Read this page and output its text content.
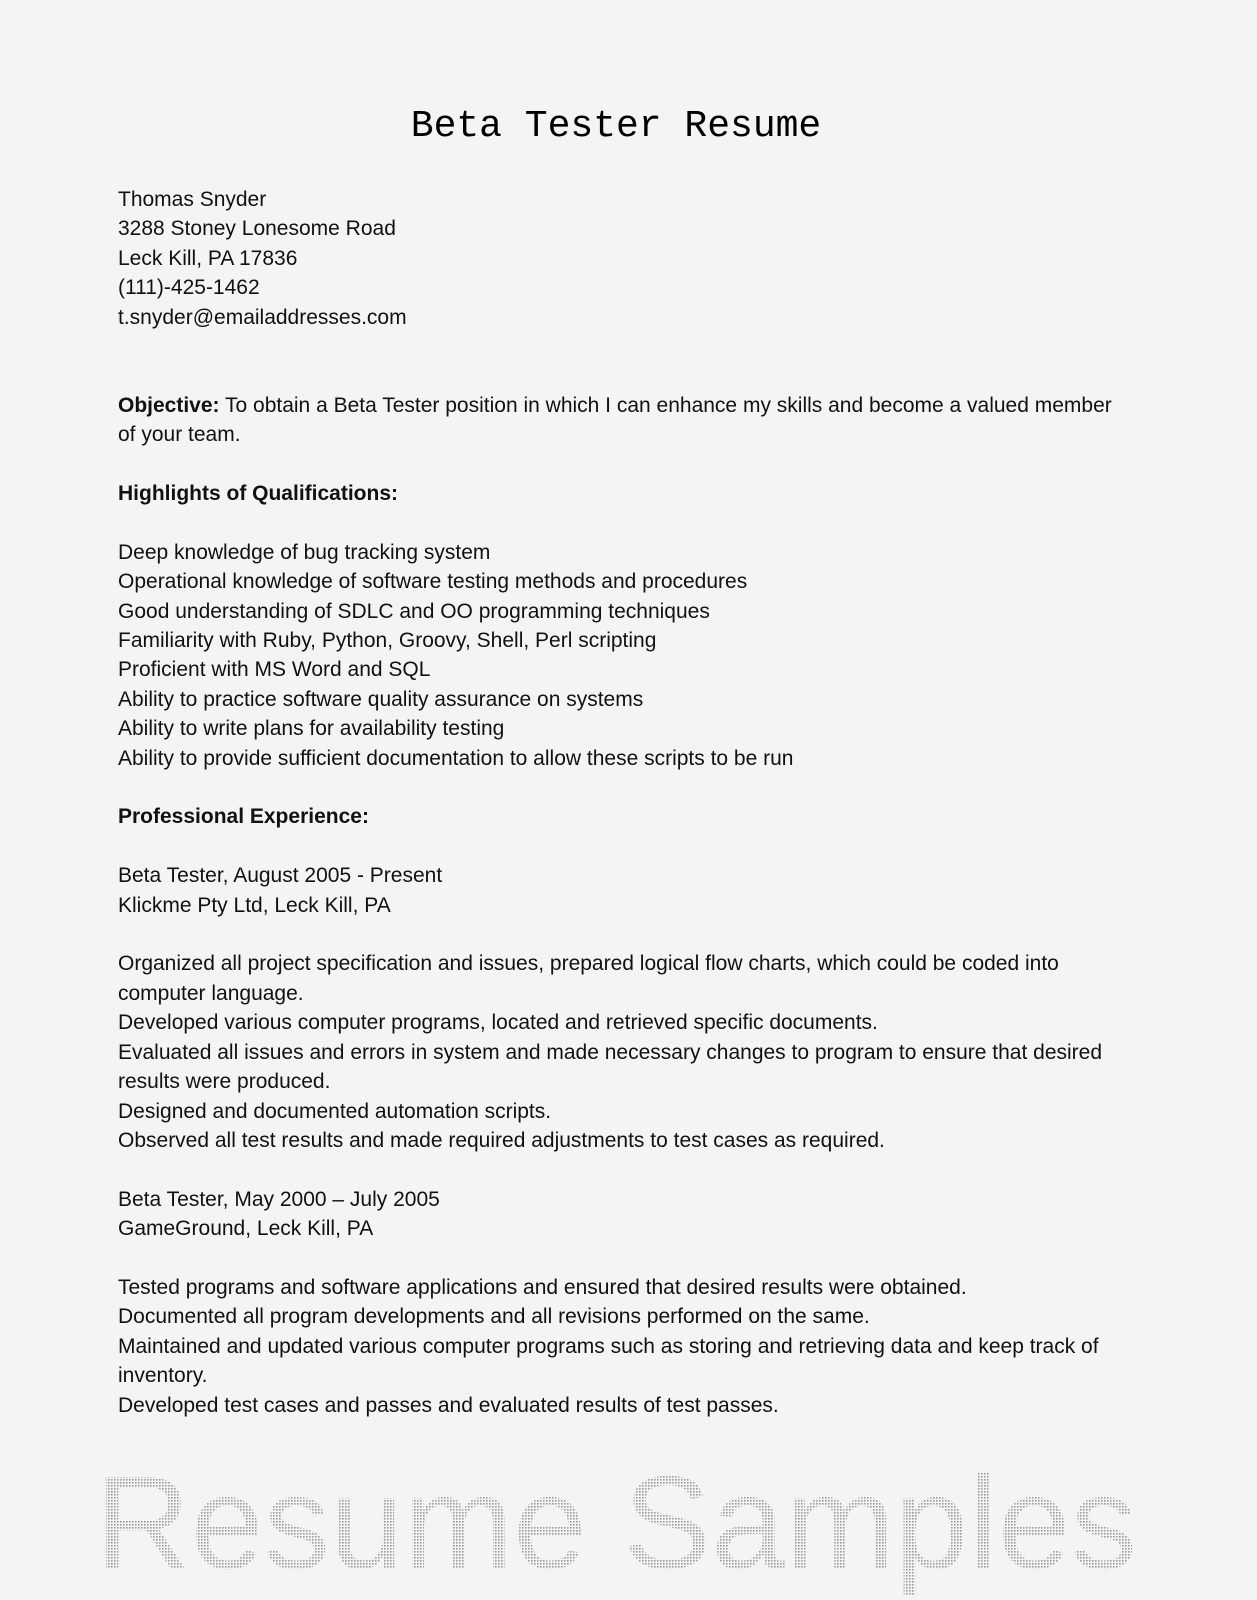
Beta Tester Resume
Thomas Snyder
3288 Stoney Lonesome Road
Leck Kill, PA 17836
(111)-425-1462
t.snyder@emailaddresses.com
Objective: To obtain a Beta Tester position in which I can enhance my skills and become a valued member of your team.
Highlights of Qualifications:
Deep knowledge of bug tracking system
Operational knowledge of software testing methods and procedures
Good understanding of SDLC and OO programming techniques
Familiarity with Ruby, Python, Groovy, Shell, Perl scripting
Proficient with MS Word and SQL
Ability to practice software quality assurance on systems
Ability to write plans for availability testing
Ability to provide sufficient documentation to allow these scripts to be run
Professional Experience:
Beta Tester, August 2005 - Present
Klickme Pty Ltd, Leck Kill, PA
Organized all project specification and issues, prepared logical flow charts, which could be coded into computer language.
Developed various computer programs, located and retrieved specific documents.
Evaluated all issues and errors in system and made necessary changes to program to ensure that desired results were produced.
Designed and documented automation scripts.
Observed all test results and made required adjustments to test cases as required.
Beta Tester, May 2000 – July 2005
GameGround, Leck Kill, PA
Tested programs and software applications and ensured that desired results were obtained.
Documented all program developments and all revisions performed on the same.
Maintained and updated various computer programs such as storing and retrieving data and keep track of inventory.
Developed test cases and passes and evaluated results of test passes.
Resume Samples
